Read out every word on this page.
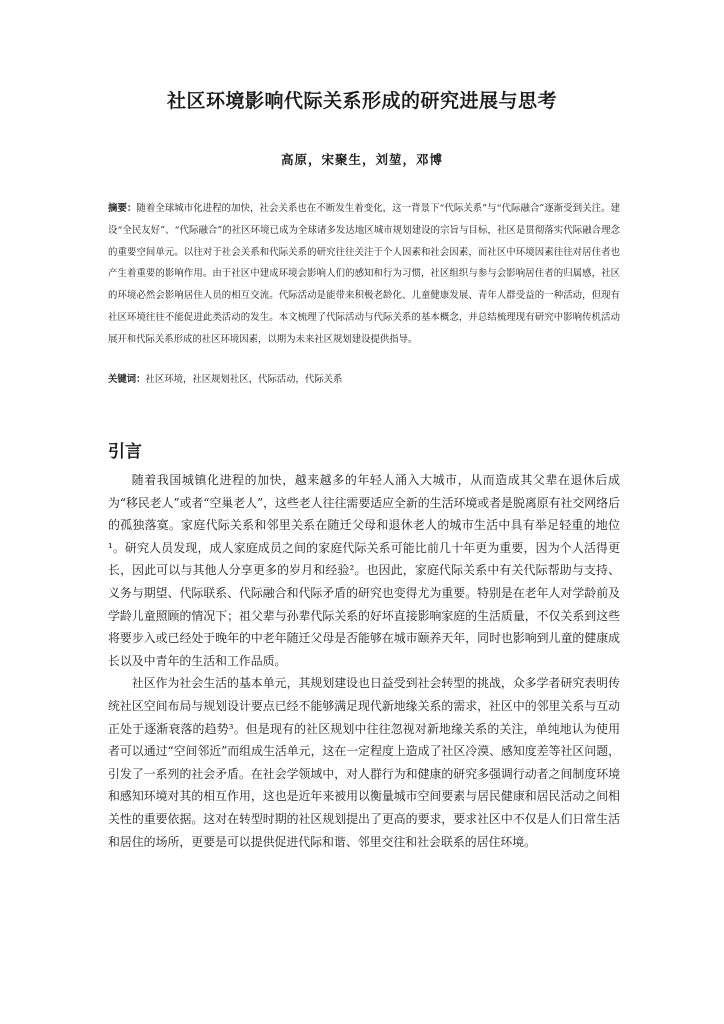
社区环境影响代际关系形成的研究进展与思考
高原，宋聚生，刘堃，邓博
摘要：随着全球城市化进程的加快，社会关系也在不断发生着变化，这一背景下“代际关系”与“代际融合”逐渐受到关注。建设“全民友好”、“代际融合”的社区环境已成为全球诸多发达地区城市规划建设的宗旨与目标，社区是贯彻落实代际融合理念的重要空间单元。以往对于社会关系和代际关系的研究往往关注于个人因素和社会因素，而社区中环境因素往往对居住者也产生着重要的影响作用。由于社区中建成环境会影响人们的感知和行为习惯，社区组织与参与会影响居住者的归属感，社区的环境必然会影响居住人员的相互交流。代际活动是能带来积极老龄化、儿童健康发展、青年人群受益的一种活动，但现有社区环境往往不能促进此类活动的发生。本文梳理了代际活动与代际关系的基本概念，并总结梳理现有研究中影响传机活动展开和代际关系形成的社区环境因素，以期为未来社区规划建设提供指导。
关键词：社区环境，社区规划社区，代际活动，代际关系
引言

随着我国城镇化进程的加快，越来越多的年轻人涌入大城市，从而造成其父辈在退休后成为“移民老人”或者“空巢老人”，这些老人往往需要适应全新的生活环境或者是脱离原有社交网络后的孤独落寞。家庭代际关系和邻里关系在随迁父母和退休老人的城市生活中具有举足轻重的地位¹。研究人员发现，成人家庭成员之间的家庭代际关系可能比前几十年更为重要，因为个人活得更长，因此可以与其他人分享更多的岁月和经验²。也因此，家庭代际关系中有关代际帮助与支持、义务与期望、代际联系、代际融合和代际矛盾的研究也变得尤为重要。特别是在老年人对学龄前及学龄儿童照顾的情况下；祖父辈与孙辈代际关系的好坏直接影响家庭的生活质量，不仅关系到这些将要步入或已经处于晚年的中老年随迁父母是否能够在城市颐养天年，同时也影响到儿童的健康成长以及中青年的生活和工作品质。

社区作为社会生活的基本单元，其规划建设也日益受到社会转型的挑战，众多学者研究表明传统社区空间布局与规划设计要点已经不能够满足现代新地缘关系的需求，社区中的邻里关系与互动正处于逐渐衰落的趋势³。但是现有的社区规划中往往忽视对新地缘关系的关注，单纯地认为使用者可以通过“空间邻近”而组成生活单元，这在一定程度上造成了社区冷漠、感知度差等社区问题，引发了一系列的社会矛盾。在社会学领域中，对人群行为和健康的研究多强调行动者之间制度环境和感知环境对其的相互作用，这也是近年来被用以衡量城市空间要素与居民健康和居民活动之间相关性的重要依据。这对在转型时期的社区规划提出了更高的要求，要求社区中不仅是人们日常生活和居住的场所，更要是可以提供促进代际和谐、邻里交往和社会联系的居住环境。
